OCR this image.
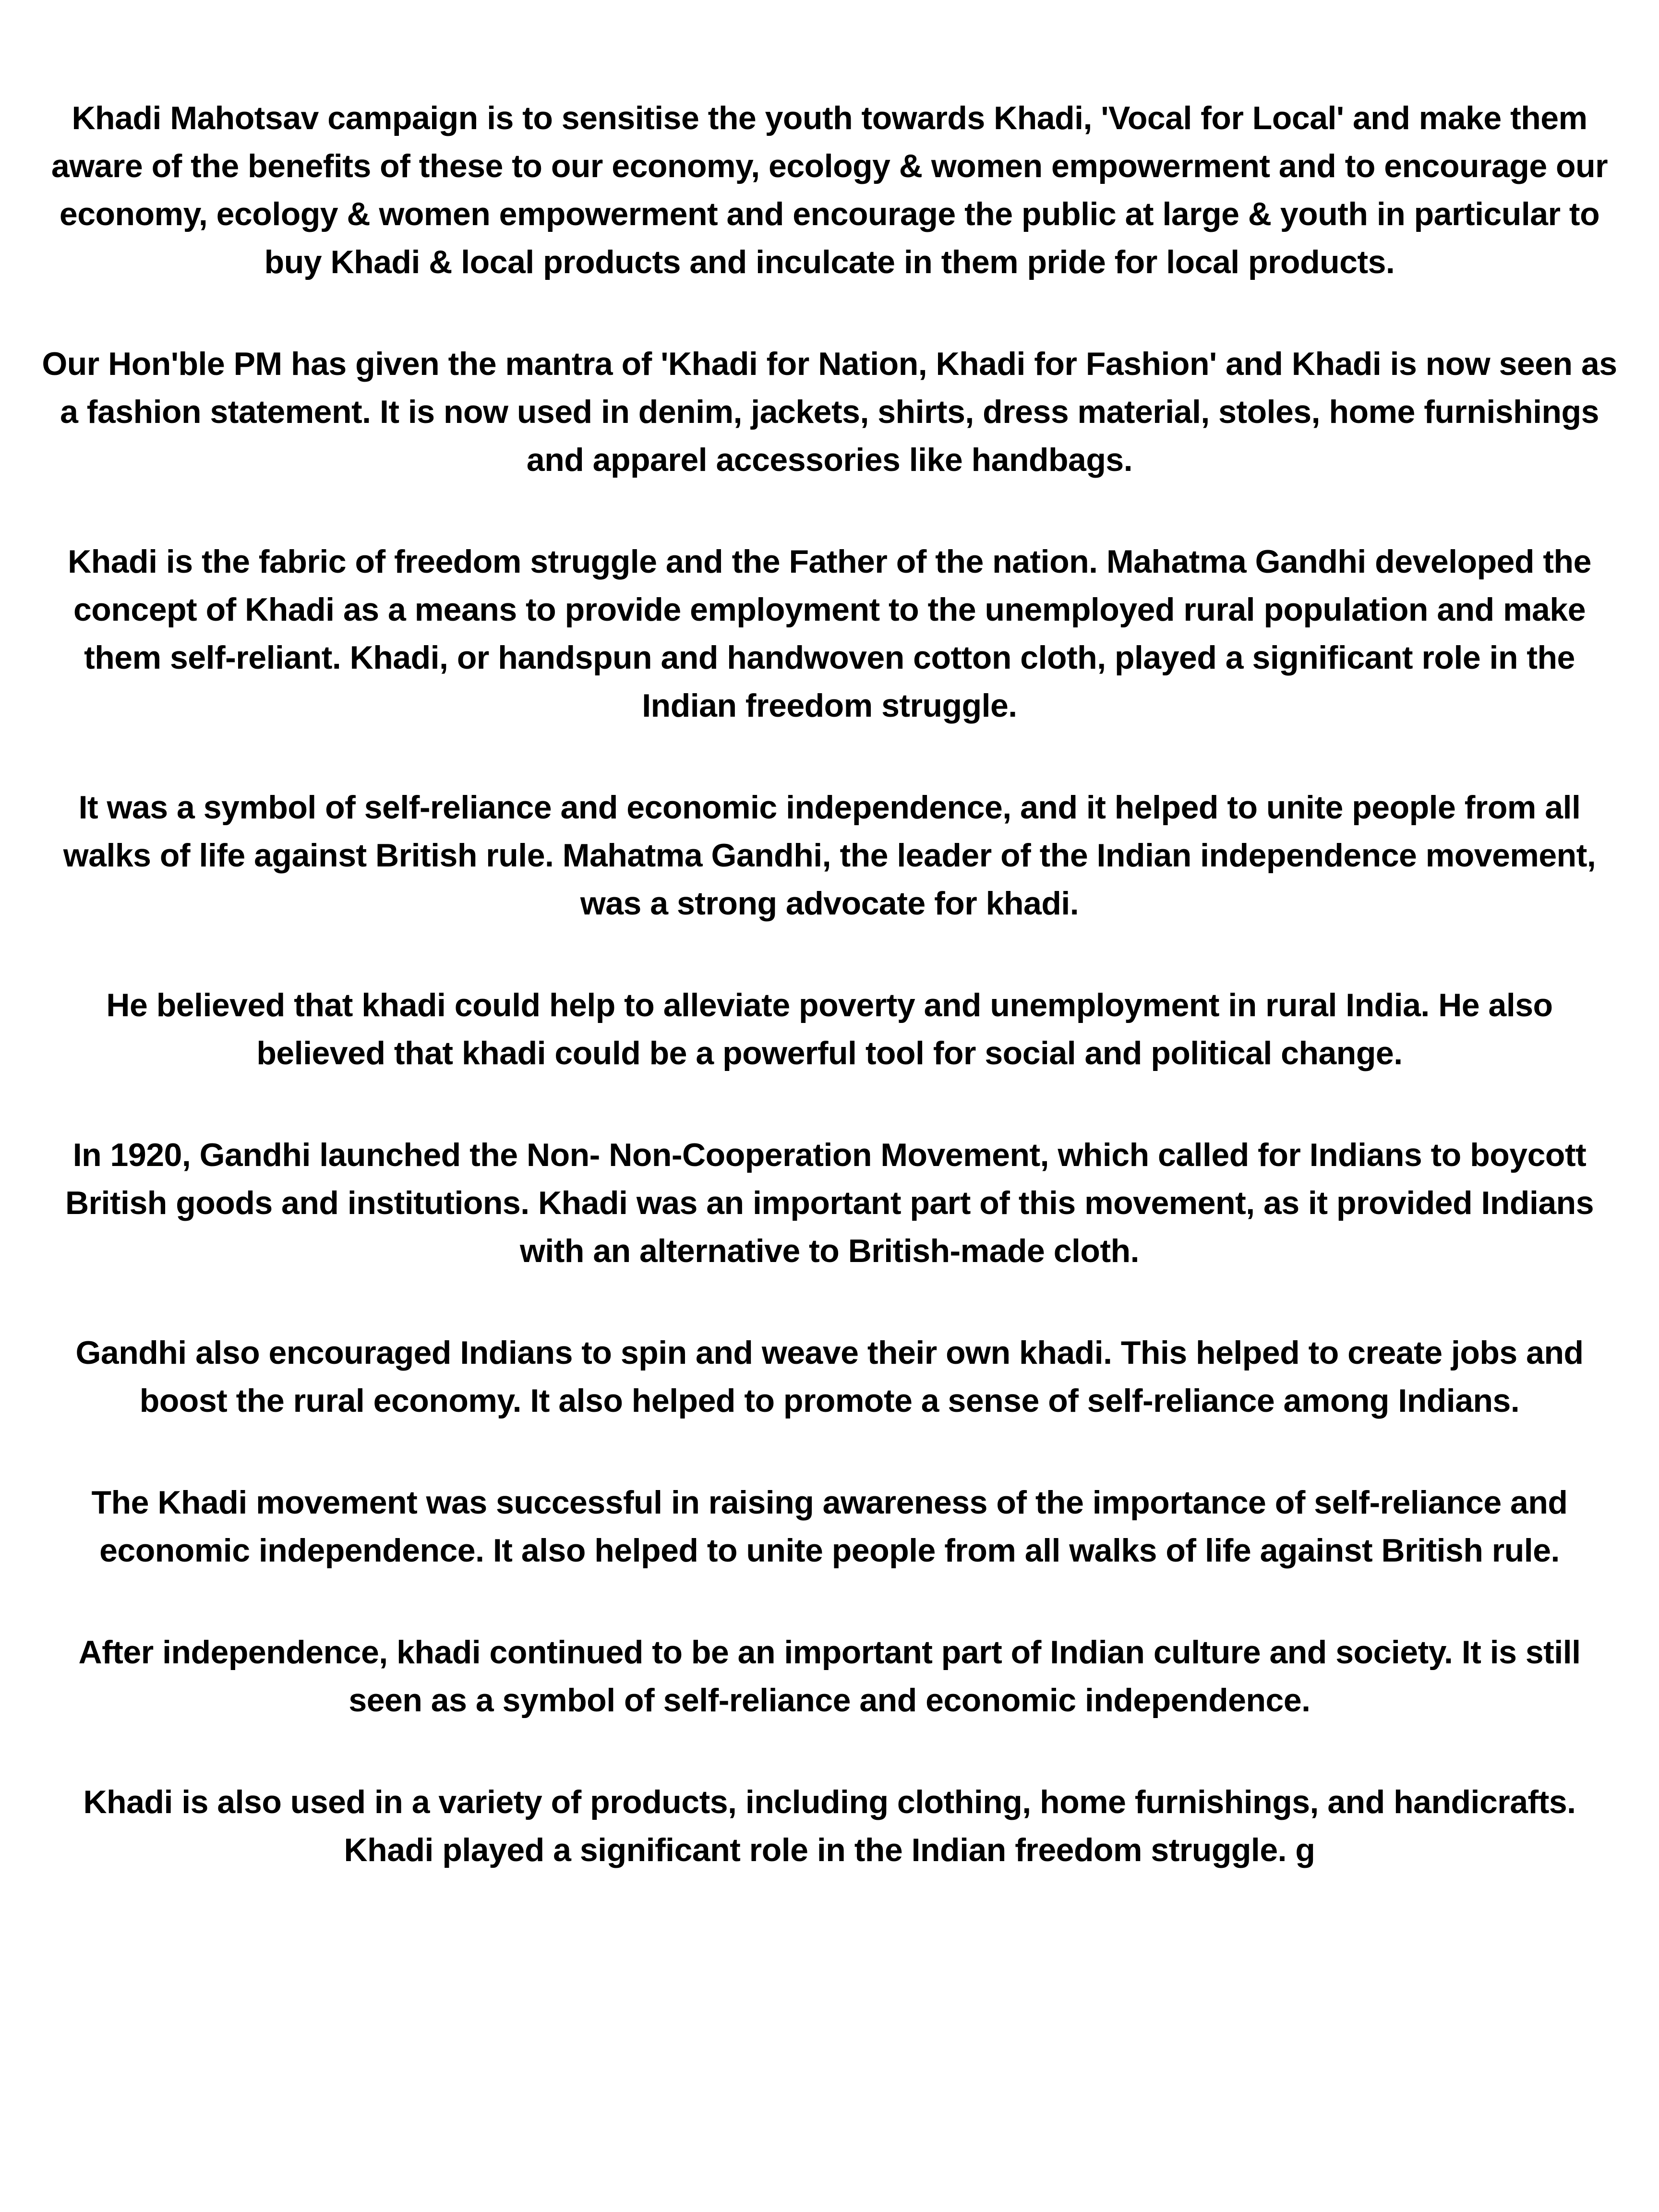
Khadi Mahotsav campaign is to sensitise the youth towards Khadi, 'Vocal for Local' and make them aware of the benefits of these to our economy, ecology & women empowerment and to encourage our economy, ecology & women empowerment and encourage the public at large & youth in particular to buy Khadi & local products and inculcate in them pride for local products.

Our Hon'ble PM has given the mantra of 'Khadi for Nation, Khadi for Fashion' and Khadi is now seen as a fashion statement. It is now used in denim, jackets, shirts, dress material, stoles, home furnishings and apparel accessories like handbags.

Khadi is the fabric of freedom struggle and the Father of the nation. Mahatma Gandhi developed the concept of Khadi as a means to provide employment to the unemployed rural population and make them self-reliant. Khadi, or handspun and handwoven cotton cloth, played a significant role in the Indian freedom struggle.

It was a symbol of self-reliance and economic independence, and it helped to unite people from all walks of life against British rule. Mahatma Gandhi, the leader of the Indian independence movement, was a strong advocate for khadi.

He believed that khadi could help to alleviate poverty and unemployment in rural India. He also believed that khadi could be a powerful tool for social and political change.

In 1920, Gandhi launched the Non- Non-Cooperation Movement, which called for Indians to boycott British goods and institutions. Khadi was an important part of this movement, as it provided Indians with an alternative to British-made cloth.

Gandhi also encouraged Indians to spin and weave their own khadi. This helped to create jobs and boost the rural economy. It also helped to promote a sense of self-reliance among Indians.

The Khadi movement was successful in raising awareness of the importance of self-reliance and economic independence. It also helped to unite people from all walks of life against British rule.

After independence, khadi continued to be an important part of Indian culture and society. It is still seen as a symbol of self-reliance and economic independence.

Khadi is also used in a variety of products, including clothing, home furnishings, and handicrafts. Khadi played a significant role in the Indian freedom struggle. g
